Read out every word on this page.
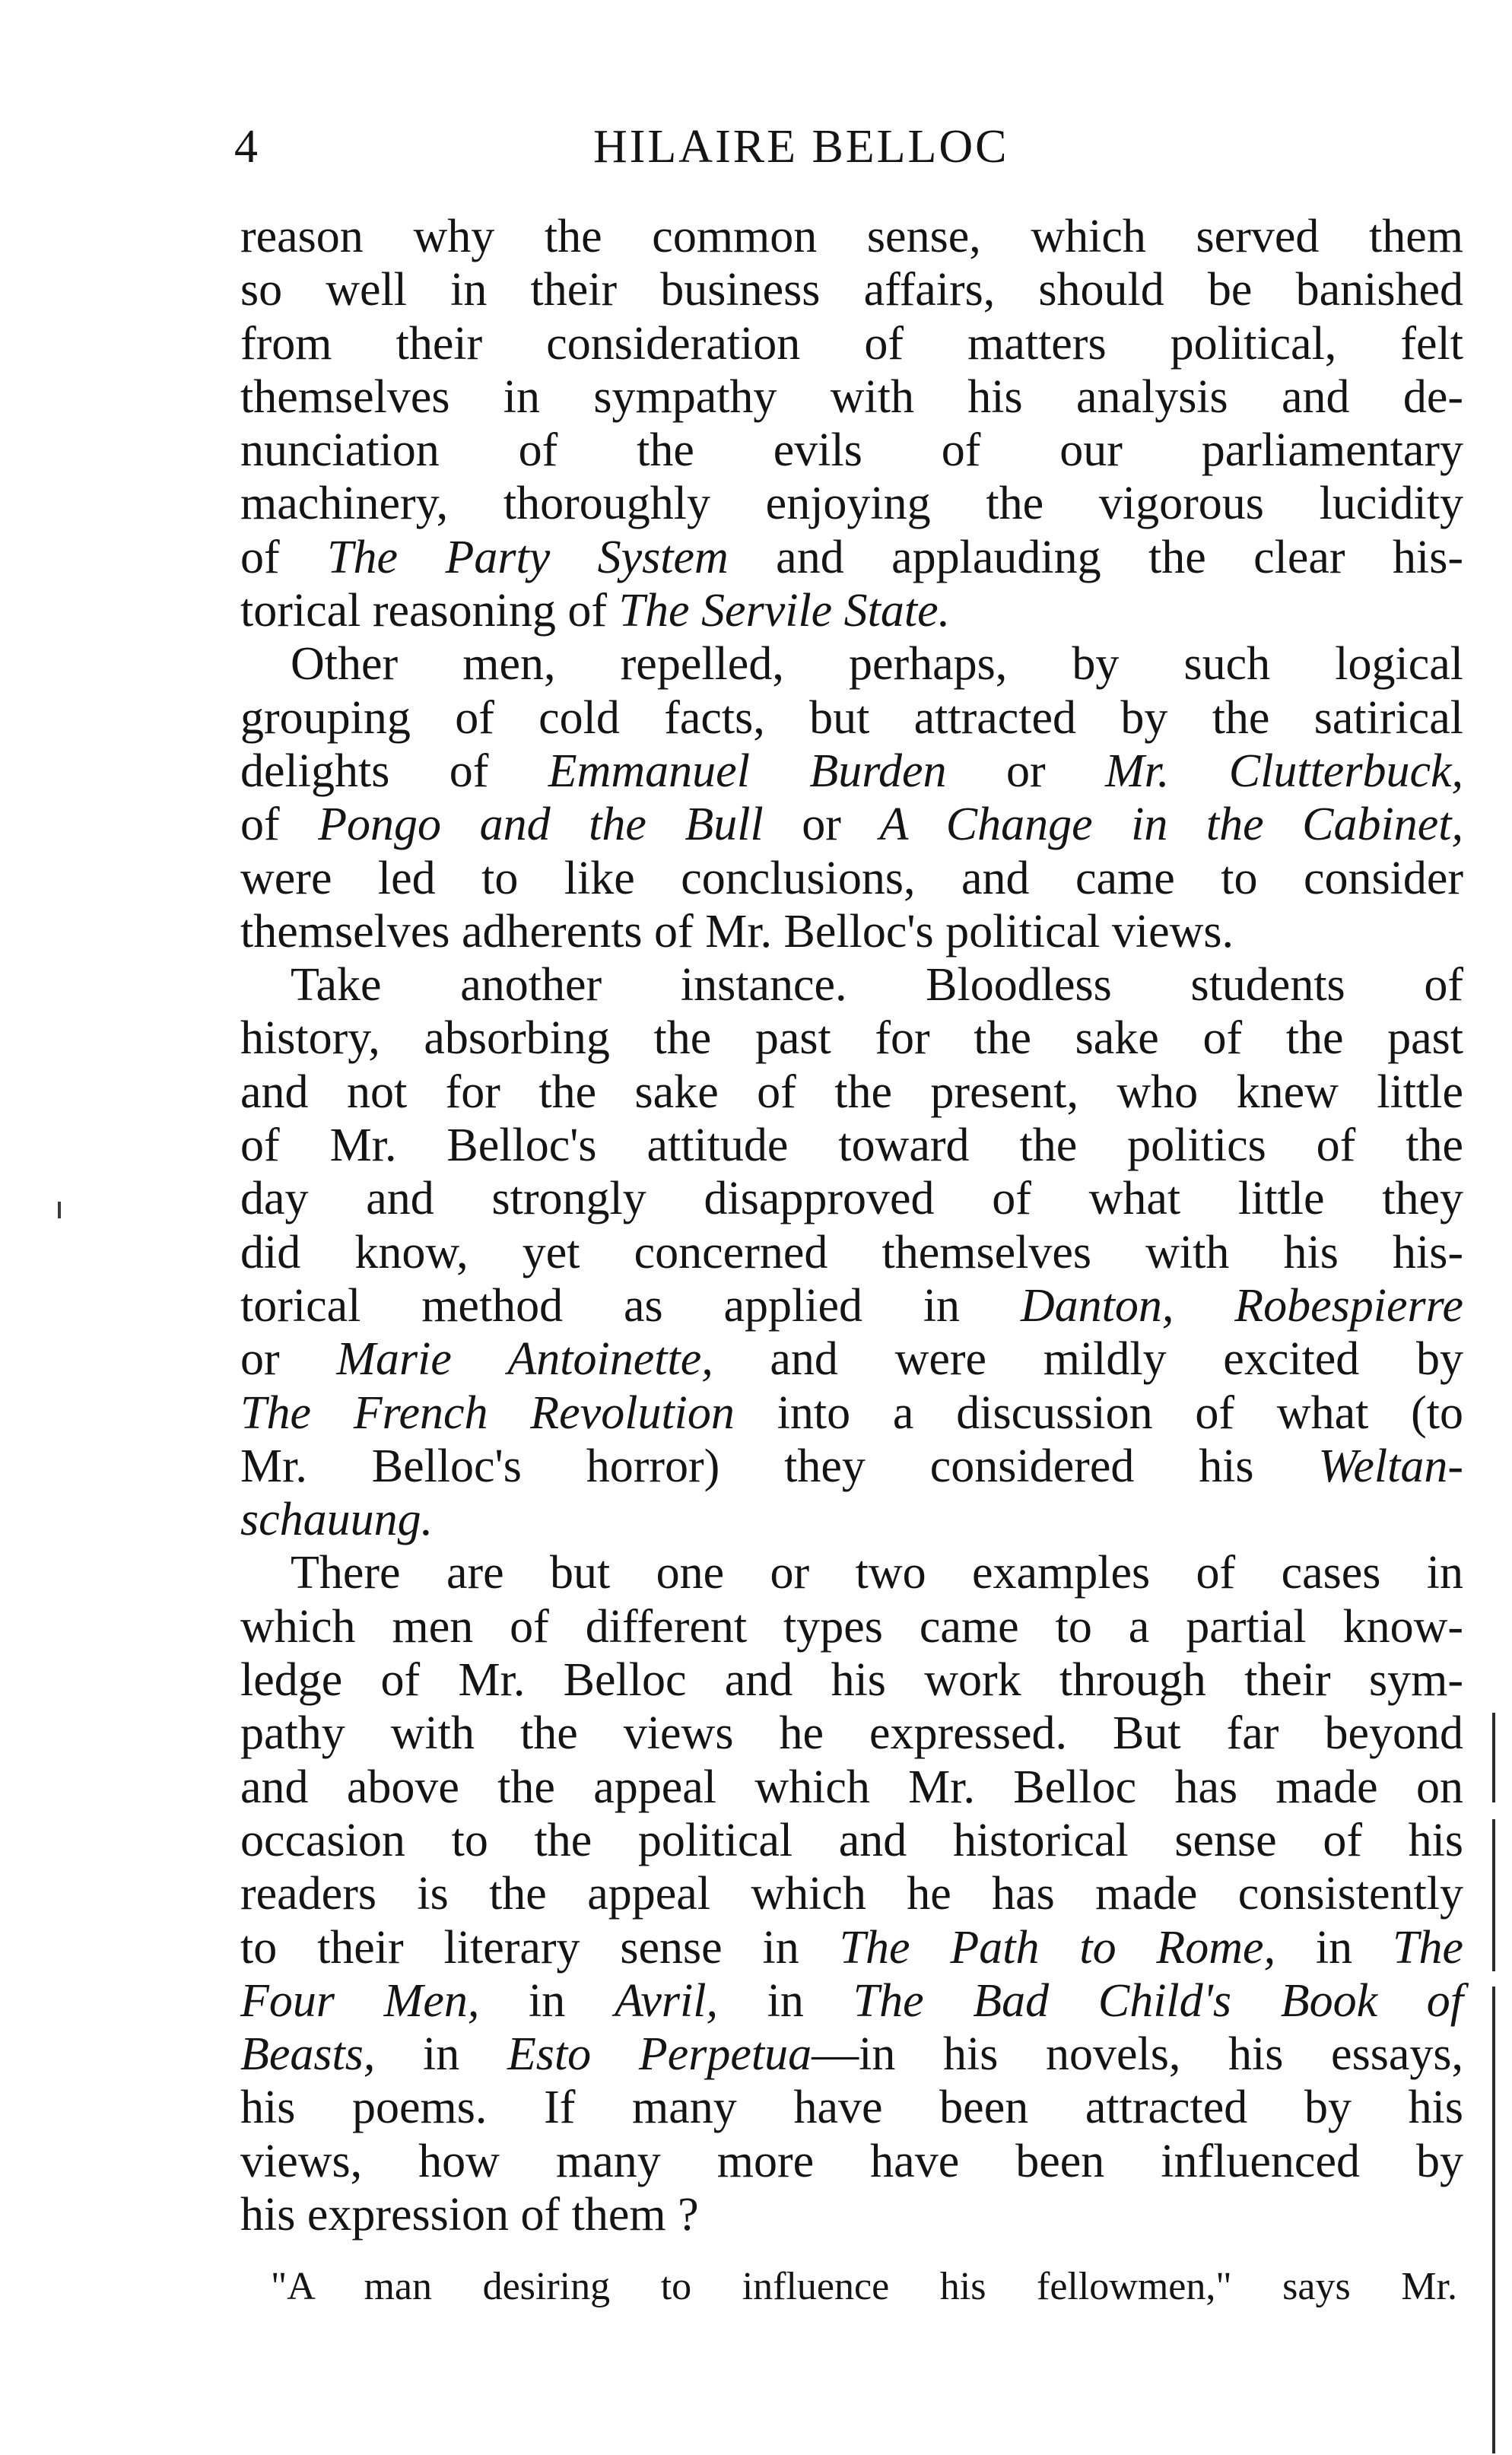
4	HILAIRE BELLOC
reason why the common sense, which served them
so well in their business affairs, should be banished
from their consideration of matters political, felt
themselves in sympathy with his analysis and de-
nunciation of the evils of our parliamentary
machinery, thoroughly enjoying the vigorous lucidity
of The Party System and applauding the clear his-
torical reasoning of The Servile State.
Other men, repelled, perhaps, by such logical
grouping of cold facts, but attracted by the satirical
delights of Emmanuel Burden or Mr. Clutterbuck,
of Pongo and the Bull or A Change in the Cabinet,
were led to like conclusions, and came to consider
themselves adherents of Mr. Belloc's political views.
Take another instance. Bloodless students of
history, absorbing the past for the sake of the past
and not for the sake of the present, who knew little
of Mr. Belloc's attitude toward the politics of the
day and strongly disapproved of what little they
did know, yet concerned themselves with his his-
torical method as applied in Danton, Robespierre
or Marie Antoinette, and were mildly excited by
The French Revolution into a discussion of what (to
Mr. Belloc's horror) they considered his Weltan-
schauung.
There are but one or two examples of cases in
which men of different types came to a partial know-
ledge of Mr. Belloc and his work through their sym-
pathy with the views he expressed. But far beyond
and above the appeal which Mr. Belloc has made on
occasion to the political and historical sense of his
readers is the appeal which he has made consistently
to their literary sense in The Path to Rome, in The
Four Men, in Avril, in The Bad Child's Book of
Beasts, in Esto Perpetua—in his novels, his essays,
his poems. If many have been attracted by his
views, how many more have been influenced by
his expression of them ?
"A man desiring to influence his fellowmen," says Mr.
